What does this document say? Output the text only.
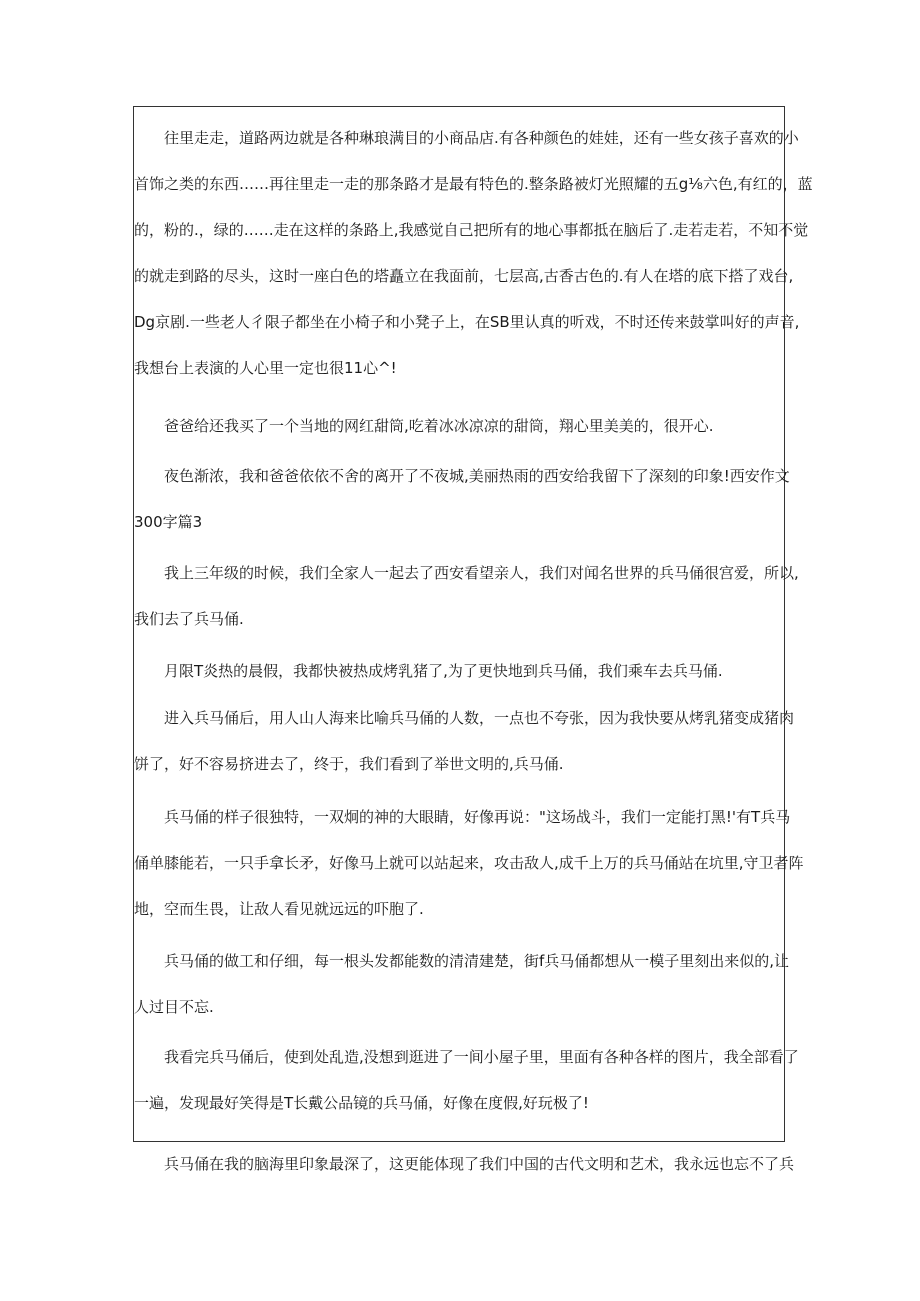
往里走走，道路两边就是各种琳琅满目的小商品店.有各种颜色的娃娃，还有一些女孩子喜欢的小
首饰之类的东西……再往里走一走的那条路才是最有特色的.整条路被灯光照耀的五g⅛六色,有红的，蓝
的，粉的.，绿的……走在这样的条路上,我感觉自己把所有的地心事都抵在脑后了.走若走若，不知不觉
的就走到路的尽头，这时一座白色的塔矗立在我面前，七层高,古香古色的.有人在塔的底下搭了戏台,
Dg京剧.一些老人彳限子都坐在小椅子和小凳子上，在SB里认真的听戏，不时还传来鼓掌叫好的声音,
我想台上表演的人心里一定也很11心^!
爸爸给还我买了一个当地的网红甜筒,吃着冰冰凉凉的甜筒，翔心里美美的，很开心.
夜色渐浓，我和爸爸依依不舍的离开了不夜城,美丽热雨的西安给我留下了深刻的印象!西安作文
300字篇3
我上三年级的时候，我们全家人一起去了西安看望亲人，我们对闻名世界的兵马俑很宫爱，所以,
我们去了兵马俑.
月限T炎热的晨假，我都快被热成烤乳猪了,为了更快地到兵马俑，我们乘车去兵马俑.
进入兵马俑后，用人山人海来比喻兵马俑的人数，一点也不夸张，因为我快要从烤乳猪变成猪肉
饼了，好不容易挤进去了，终于，我们看到了举世文明的,兵马俑.
兵马俑的样子很独特，一双炯的神的大眼睛，好像再说："这场战斗，我们一定能打黑!'有T兵马
俑单膝能若，一只手拿长矛，好像马上就可以站起来，攻击敌人,成千上万的兵马俑站在坑里,守卫者阵
地，空而生畏，让敌人看见就远远的吓胞了.
兵马俑的做工和仔细，每一根头发都能数的清清建楚，街f兵马俑都想从一模子里刻出来似的,让
人过目不忘.
我看完兵马俑后，使到处乱造,没想到逛进了一间小屋子里，里面有各种各样的图片，我全部看了
一遍，发现最好笑得是T长戴公品镜的兵马俑，好像在度假,好玩极了!
兵马俑在我的脑海里印象最深了，这更能体现了我们中国的古代文明和艺术，我永远也忘不了兵
